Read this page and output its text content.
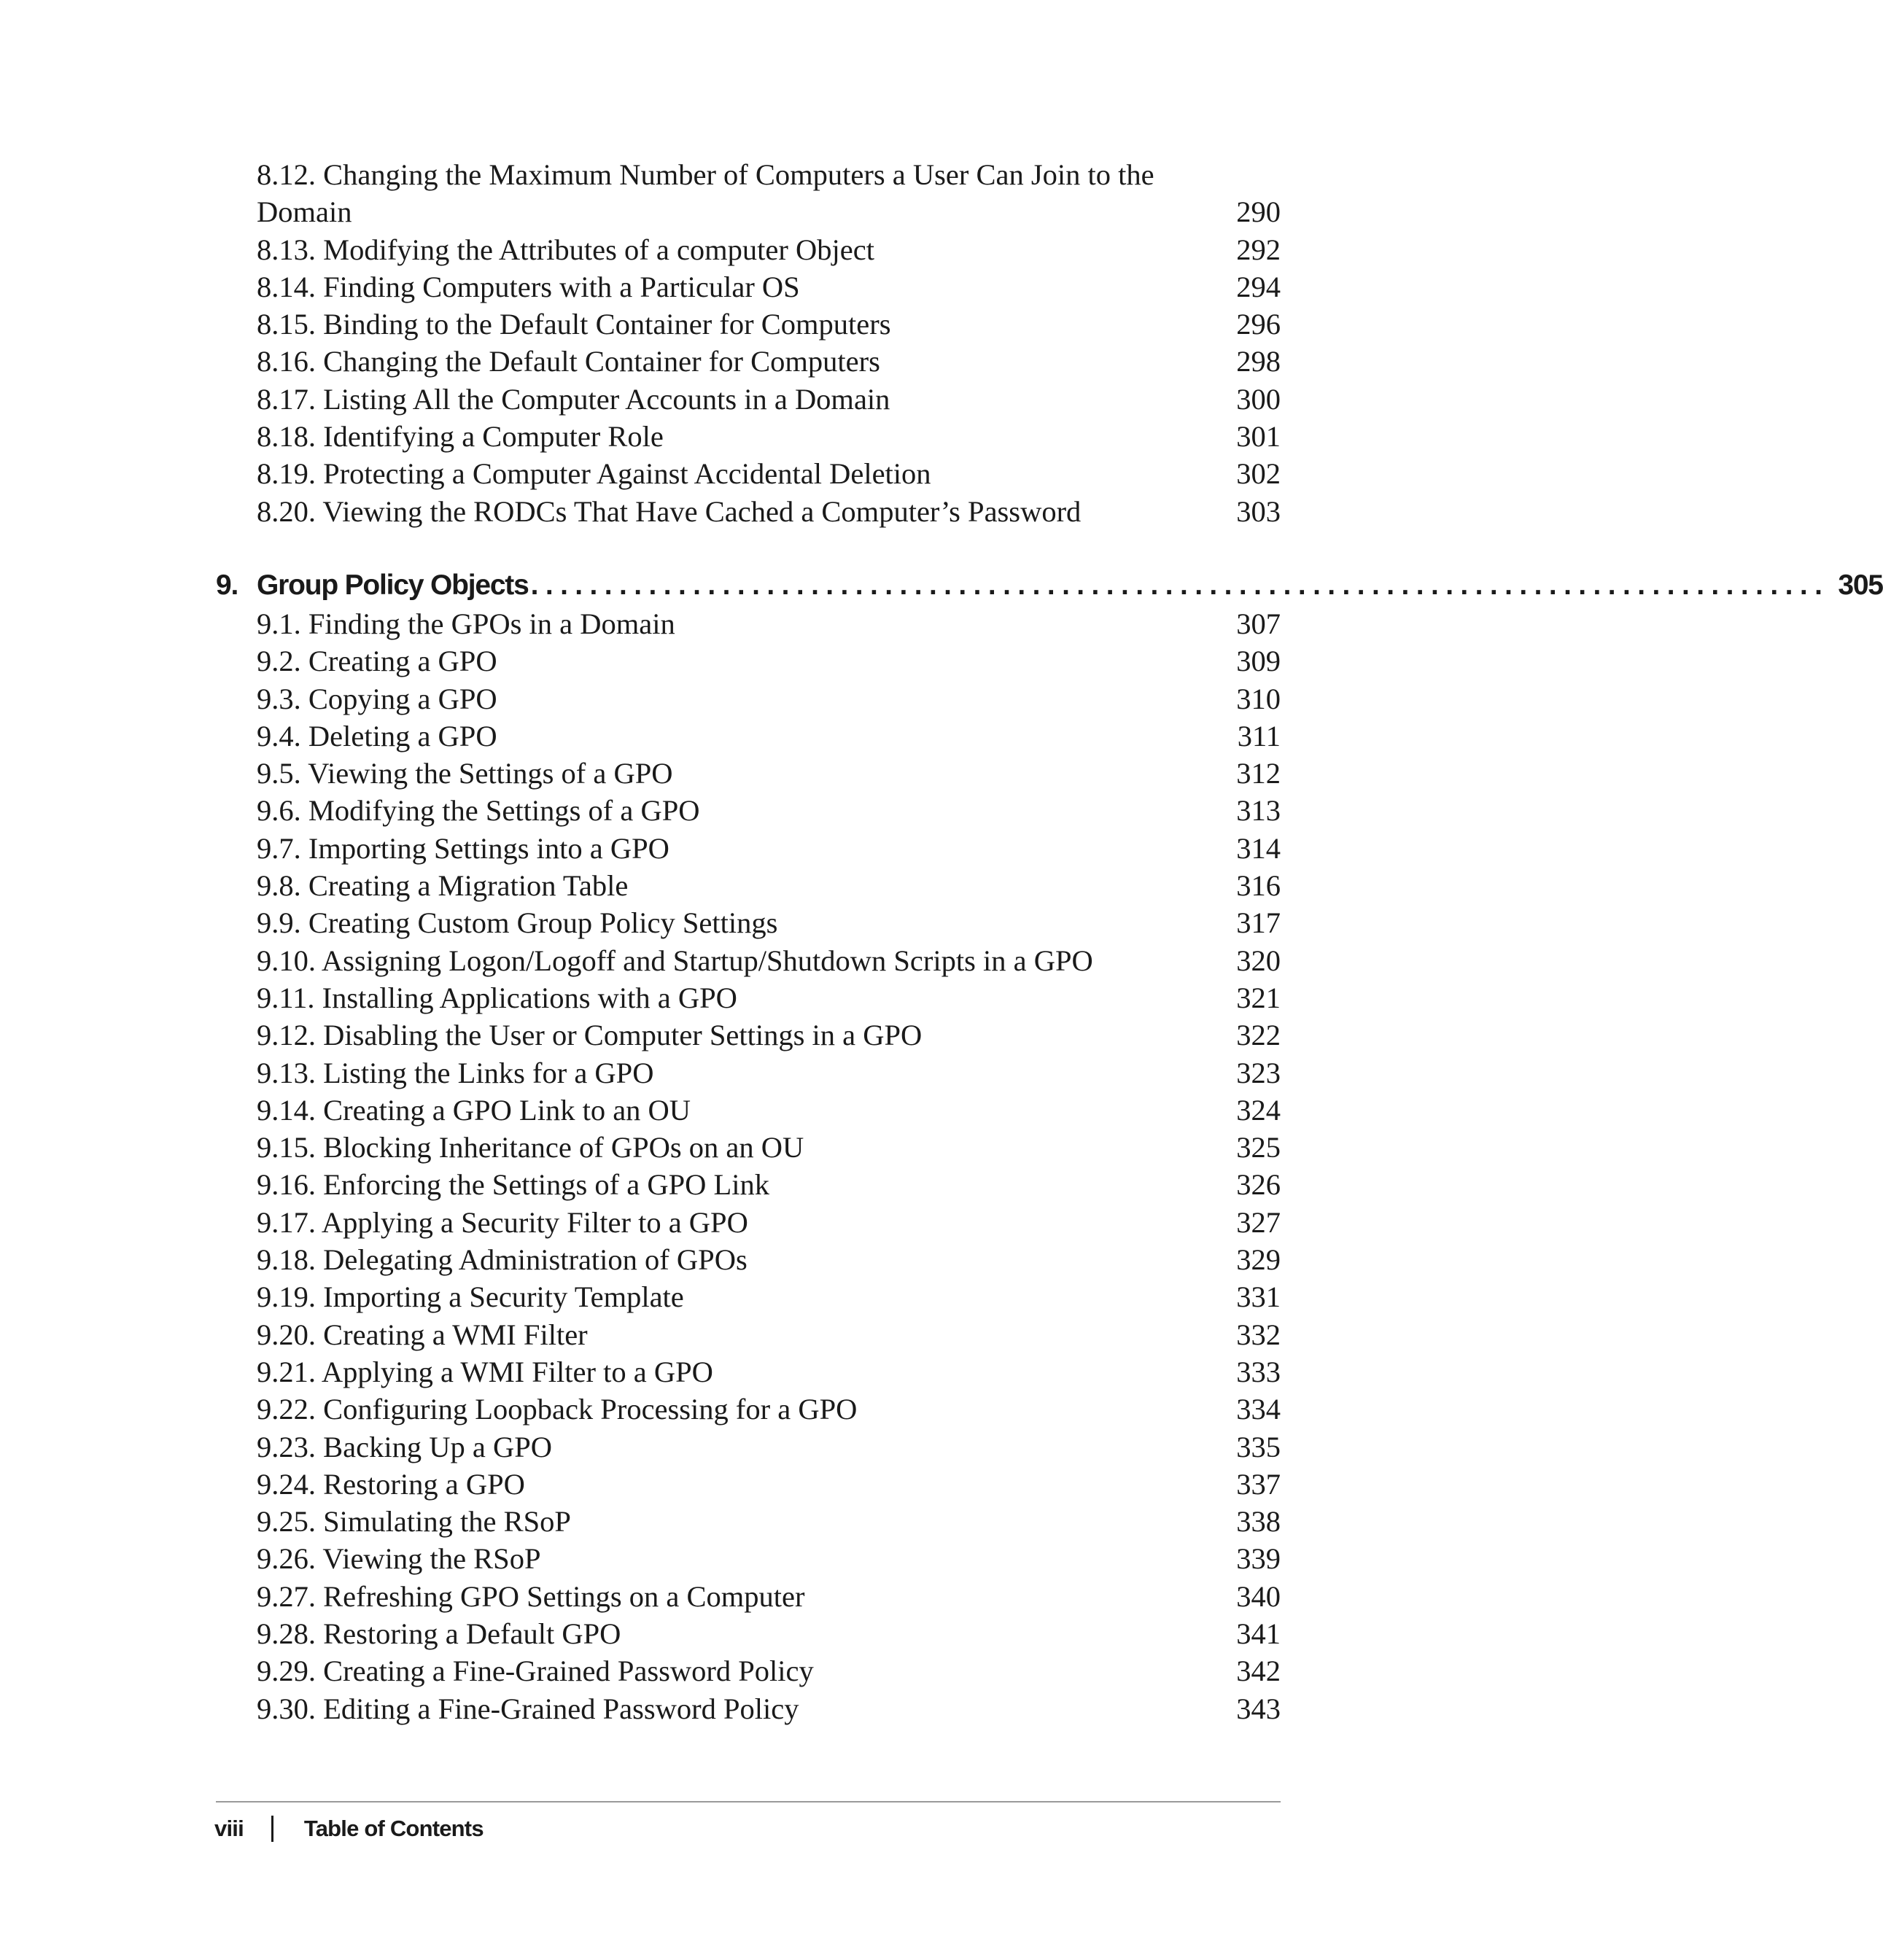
8.12. Changing the Maximum Number of Computers a User Can Join to the
Domain	290
8.13. Modifying the Attributes of a computer Object	292
8.14. Finding Computers with a Particular OS	294
8.15. Binding to the Default Container for Computers	296
8.16. Changing the Default Container for Computers	298
8.17. Listing All the Computer Accounts in a Domain	300
8.18. Identifying a Computer Role	301
8.19. Protecting a Computer Against Accidental Deletion	302
8.20. Viewing the RODCs That Have Cached a Computer’s Password	303
9. Group Policy Objects ........................................................................................ 305
9.1. Finding the GPOs in a Domain	307
9.2. Creating a GPO	309
9.3. Copying a GPO	310
9.4. Deleting a GPO	311
9.5. Viewing the Settings of a GPO	312
9.6. Modifying the Settings of a GPO	313
9.7. Importing Settings into a GPO	314
9.8. Creating a Migration Table	316
9.9. Creating Custom Group Policy Settings	317
9.10. Assigning Logon/Logoff and Startup/Shutdown Scripts in a GPO	320
9.11. Installing Applications with a GPO	321
9.12. Disabling the User or Computer Settings in a GPO	322
9.13. Listing the Links for a GPO	323
9.14. Creating a GPO Link to an OU	324
9.15. Blocking Inheritance of GPOs on an OU	325
9.16. Enforcing the Settings of a GPO Link	326
9.17. Applying a Security Filter to a GPO	327
9.18. Delegating Administration of GPOs	329
9.19. Importing a Security Template	331
9.20. Creating a WMI Filter	332
9.21. Applying a WMI Filter to a GPO	333
9.22. Configuring Loopback Processing for a GPO	334
9.23. Backing Up a GPO	335
9.24. Restoring a GPO	337
9.25. Simulating the RSoP	338
9.26. Viewing the RSoP	339
9.27. Refreshing GPO Settings on a Computer	340
9.28. Restoring a Default GPO	341
9.29. Creating a Fine-Grained Password Policy	342
9.30. Editing a Fine-Grained Password Policy	343
viii	Table of Contents
